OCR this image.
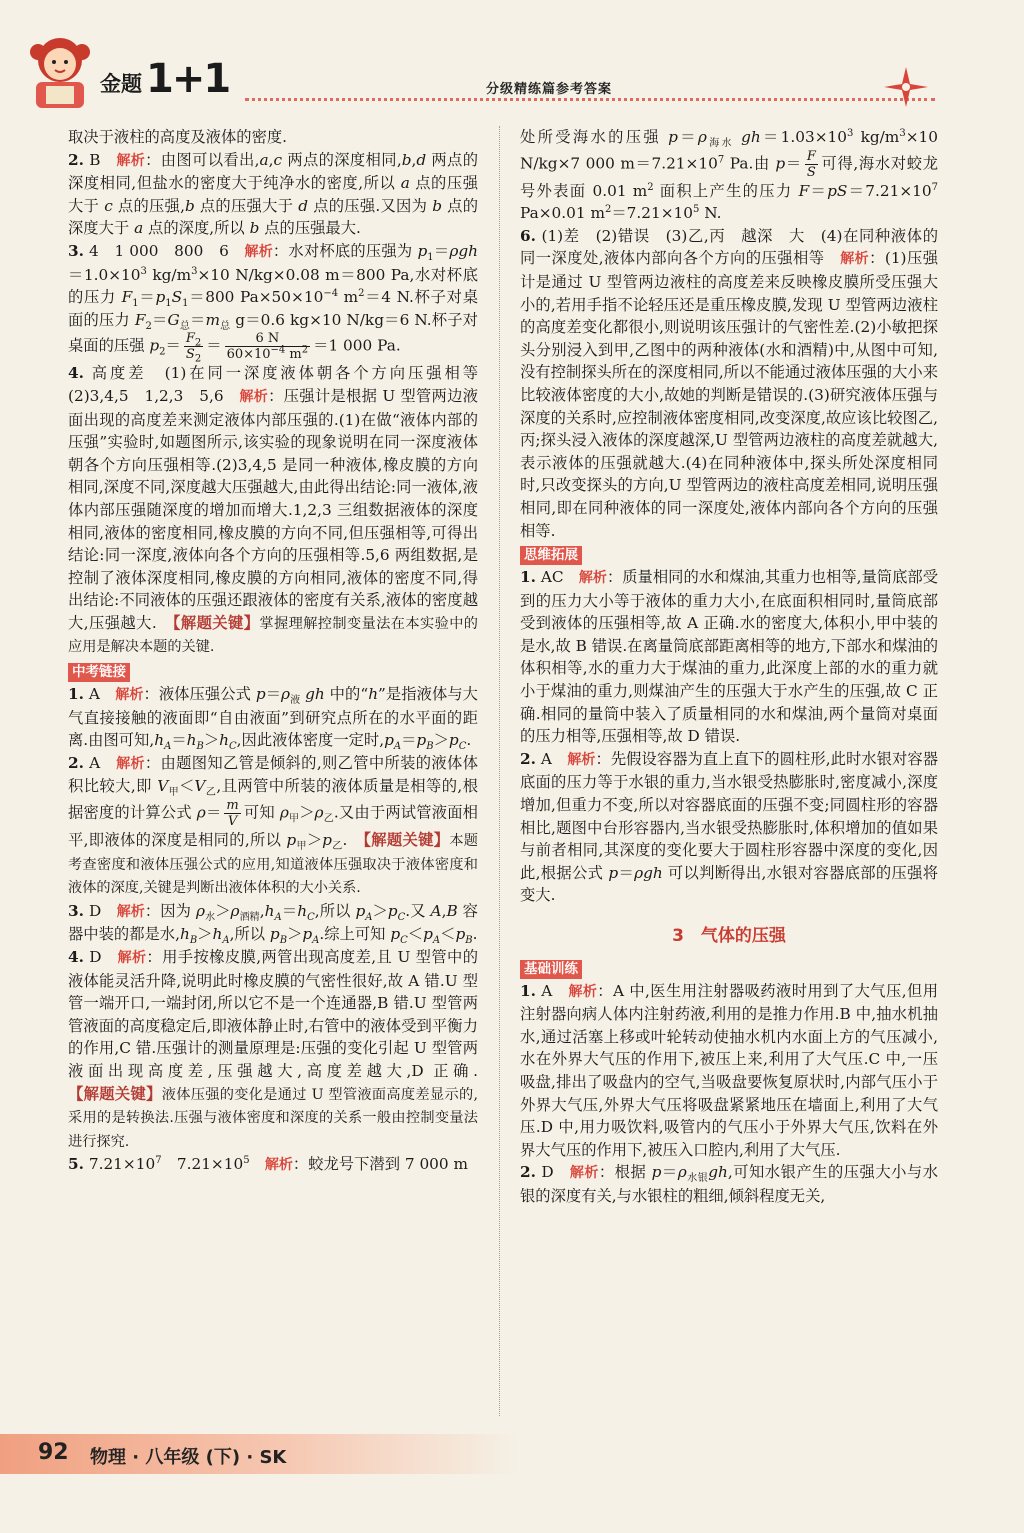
金题 1+1	分级精练篇参考答案

取决于液柱的高度及液体的密度.

2. B　解析：由图可以看出,a,c 两点的深度相同,b,d 两点的深度相同,但盐水的密度大于纯净水的密度,所以 a 点的压强大于 c 点的压强,b 点的压强大于 d 点的压强.又因为 b 点的深度大于 a 点的深度,所以 b 点的压强最大.

3. 4　1 000　800　6　解析：水对杯底的压强为 $p_1=\rho gh=1.0\times 10^3$ $kg/m^3\times 10$ N/kg×0.08 m＝800 Pa,水对杯底的压力 $F_1=p_1S_1=800$ $Pa\times 50\times 10^{-4}$ $m^2=4$ N.杯子对桌面的压力 $F_2=G_总=m_总$ g＝0.6 kg×10 N/kg＝6 N.杯子对桌面的压强 $p_2= \frac{F_2}{S_2} = \frac{6 N}{60\times 10^{-4} m^2} =1$ 000 Pa.

4. 高度差　(1)在同一深度液体朝各个方向压强相等　(2)3,4,5　1,2,3　5,6　解析：压强计是根据 U 型管两边液面出现的高度差来测定液体内部压强的.(1)在做“液体内部的压强”实验时,如题图所示,该实验的现象说明在同一深度液体朝各个方向压强相等.(2)3,4,5 是同一种液体,橡皮膜的方向相同,深度不同,深度越大压强越大,由此得出结论:同一液体,液体内部压强随深度的增加而增大.1,2,3 三组数据液体的深度相同,液体的密度相同,橡皮膜的方向不同,但压强相等,可得出结论:同一深度,液体向各个方向的压强相等.5,6 两组数据,是控制了液体深度相同,橡皮膜的方向相同,液体的密度不同,得出结论:不同液体的压强还跟液体的密度有关系,液体的密度越大,压强越大.　【解题关键】掌握理解控制变量法在本实验中的应用是解决本题的关键.

中考链接

1. A　解析：液体压强公式 $p=\rho_液$ gh 中的“h”是指液体与大气直接接触的液面即“自由液面”到研究点所在的水平面的距离.由图可知$,h_A=h_B>h_C$,因此液体密度一定时$,p_A=p_B>p_C$.

2. A　解析：由题图知乙管是倾斜的,则乙管中所装的液体体积比较大,即 $V_甲<V_乙$,且两管中所装的液体质量是相等的,根据密度的计算公式 $\rho= \frac{m}{V}$ 可知 $\rho_甲>\rho_乙$.又由于两试管液面相平,即液体的深度是相同的,所以 $p_甲>p_乙$.　【解题关键】本题考查密度和液体压强公式的应用,知道液体压强取决于液体密度和液体的深度,关键是判断出液体体积的大小关系.

3. D　解析：因为 $\rho_水>\rho_{酒精},h_A=h_C$,所以 $p_A>p_C$.又 A,B 容器中装的都是水$,h_B>h_A$,所以 $p_B>p_A$.综上可知 $p_C<p_A<p_B$.

4. D　解析：用手按橡皮膜,两管出现高度差,且 U 型管中的液体能灵活升降,说明此时橡皮膜的气密性很好,故 A 错.U 型管一端开口,一端封闭,所以它不是一个连通器,B 错.U 型管两管液面的高度稳定后,即液体静止时,右管中的液体受到平衡力的作用,C 错.压强计的测量原理是:压强的变化引起 U 型管两液面出现高度差,压强越大,高度差越大,D 正确.　【解题关键】液体压强的变化是通过 U 型管液面高度差显示的,采用的是转换法.压强与液体密度和深度的关系一般由控制变量法进行探究.

5. $7.21\times 10^7$　$7.21\times 10^5$　 解析：蛟龙号下潜到 7 000 m

处所受海水的压强 $p=\rho_{海水}$ $gh=1.03\times 10^3$ $kg/m^3\times 10$ N/kg×7 000 $m=7.21\times 10^7$ Pa.由 $p= \frac{F}{S}$ 可得,海水对蛟龙号外表面 0.01 $m^2$ 面积上产生的压力 $F=pS=7.21\times 10^7$ Pa×0.01 $m^2=7.21\times 10^5$ N.

6. (1)差　(2)错误　(3)乙,丙　越深　大　(4)在同种液体的同一深度处,液体内部向各个方向的压强相等　解析：(1)压强计是通过 U 型管两边液柱的高度差来反映橡皮膜所受压强大小的,若用手指不论轻压还是重压橡皮膜,发现 U 型管两边液柱的高度差变化都很小,则说明该压强计的气密性差.(2)小敏把探头分别浸入到甲,乙图中的两种液体(水和酒精)中,从图中可知,没有控制探头所在的深度相同,所以不能通过液体压强的大小来比较液体密度的大小,故她的判断是错误的.(3)研究液体压强与深度的关系时,应控制液体密度相同,改变深度,故应该比较图乙,丙;探头浸入液体的深度越深,U 型管两边液柱的高度差就越大,表示液体的压强就越大.(4)在同种液体中,探头所处深度相同时,只改变探头的方向,U 型管两边的液柱高度差相同,说明压强相同,即在同种液体的同一深度处,液体内部向各个方向的压强相等.

思维拓展

1. AC　解析：质量相同的水和煤油,其重力也相等,量筒底部受到的压力大小等于液体的重力大小,在底面积相同时,量筒底部受到液体的压强相等,故 A 正确.水的密度大,体积小,甲中装的是水,故 B 错误.在离量筒底部距离相等的地方,下部水和煤油的体积相等,水的重力大于煤油的重力,此深度上部的水的重力就小于煤油的重力,则煤油产生的压强大于水产生的压强,故 C 正确.相同的量筒中装入了质量相同的水和煤油,两个量筒对桌面的压力相等,压强相等,故 D 错误.

2. A　解析：先假设容器为直上直下的圆柱形,此时水银对容器底面的压力等于水银的重力,当水银受热膨胀时,密度减小,深度增加,但重力不变,所以对容器底面的压强不变;同圆柱形的容器相比,题图中台形容器内,当水银受热膨胀时,体积增加的值如果与前者相同,其深度的变化要大于圆柱形容器中深度的变化,因此,根据公式 p＝ρgh 可以判断得出,水银对容器底部的压强将变大.

3　气体的压强
基础训练

1. A　解析：A 中,医生用注射器吸药液时用到了大气压,但用注射器向病人体内注射药液,利用的是推力作用.B 中,抽水机抽水,通过活塞上移或叶轮转动使抽水机内水面上方的气压减小,水在外界大气压的作用下,被压上来,利用了大气压.C 中,一压吸盘,排出了吸盘内的空气,当吸盘要恢复原状时,内部气压小于外界大气压,外界大气压将吸盘紧紧地压在墙面上,利用了大气压.D 中,用力吸饮料,吸管内的气压小于外界大气压,饮料在外界大气压的作用下,被压入口腔内,利用了大气压.

2. D　解析：根据 $p=\rho_{水银}gh$,可知水银产生的压强大小与水银的深度有关,与水银柱的粗细,倾斜程度无关,

92 物理 · 八年级 (下) · SK
